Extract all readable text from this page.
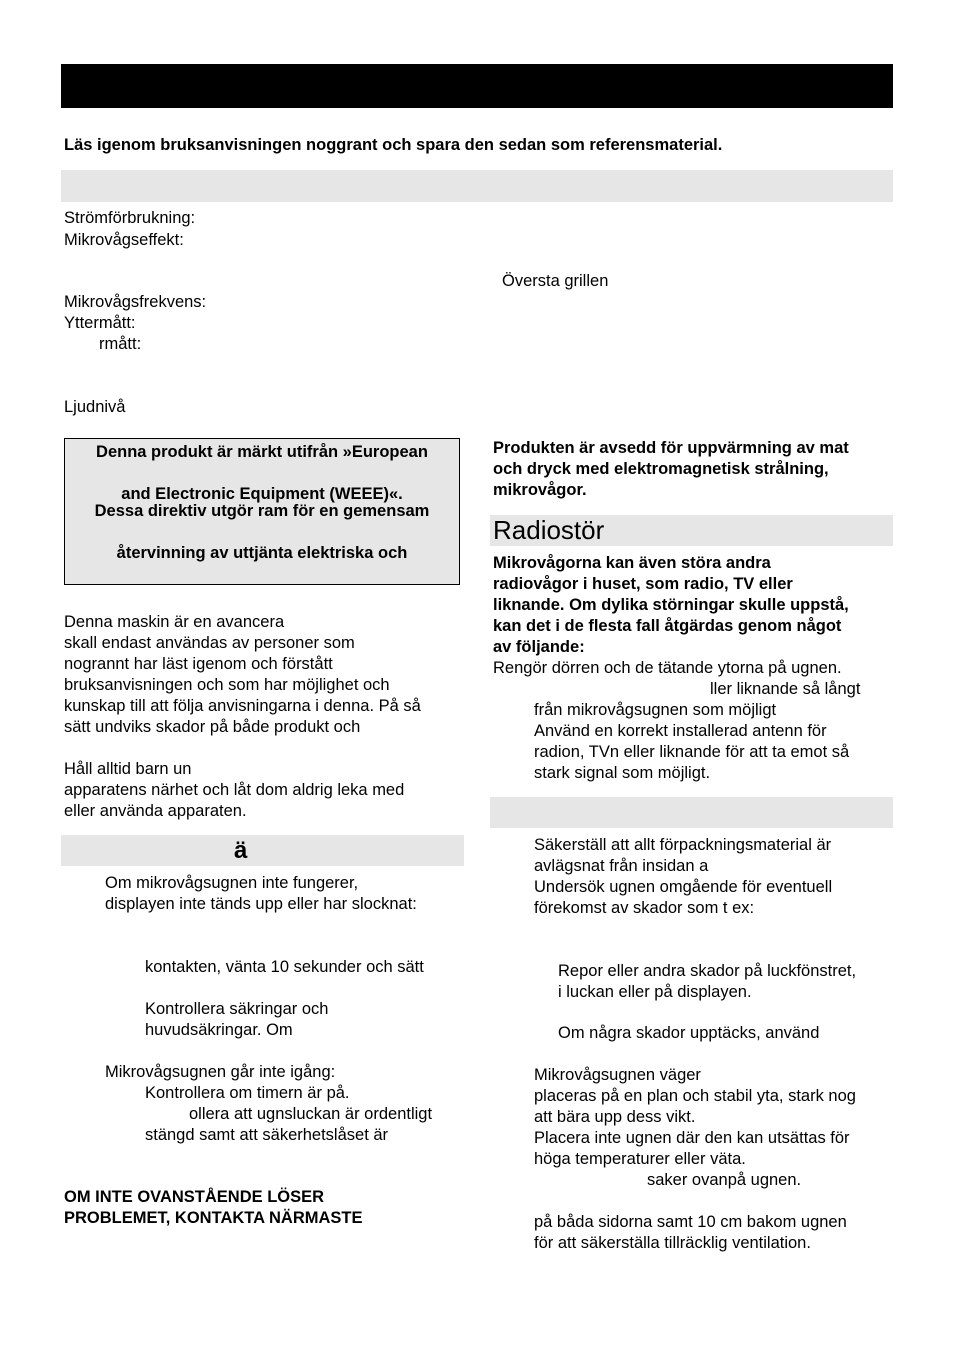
Läs igenom bruksanvisningen noggrant och spara den sedan som referensmaterial.
Strömförbrukning:
Mikrovågseffekt:
Översta grillen
Mikrovågsfrekvens:
Yttermått:
rmått:
Ljudnivå
Denna produkt är märkt utifrån »European
and Electronic Equipment (WEEE)«.
Dessa direktiv utgör ram för en gemensam
återvinning av uttjänta elektriska och
Denna maskin är en avancera
skall endast användas av personer som
nogrannt har läst igenom och förstått
bruksanvisningen och som har möjlighet och
kunskap till att följa anvisningarna i denna. På så
sätt undviks skador på både produkt och
Håll alltid barn un
apparatens närhet och låt dom aldrig leka med
eller använda apparaten.
ä
Om mikrovågsugnen inte fungerer,
displayen inte tänds upp eller har slocknat:
kontakten, vänta 10 sekunder och sätt
Kontrollera säkringar och
huvudsäkringar. Om
Mikrovågsugnen går inte igång:
Kontrollera om timern är på.
ollera att ugnsluckan är ordentligt
stängd samt att säkerhetslåset är
OM INTE OVANSTÅENDE LÖSER
PROBLEMET, KONTAKTA NÄRMASTE
Produkten är avsedd för uppvärmning av mat
och dryck med elektromagnetisk strålning,
mikrovågor.
Radiostör
Mikrovågorna kan även störa andra
radiovågor i huset, som radio, TV eller
liknande. Om dylika störningar skulle uppstå,
kan det i de flesta fall åtgärdas genom något
av följande:
Rengör dörren och de tätande ytorna på ugnen.
ller liknande så långt
från mikrovågsugnen som möjligt
Använd en korrekt installerad antenn för
radion, TVn eller liknande för att ta emot så
stark signal som möjligt.
Säkerställ att allt förpackningsmaterial är
avlägsnat från insidan a
Undersök ugnen omgående för eventuell
förekomst av skador som t ex:
Repor eller andra skador på luckfönstret,
i luckan eller på displayen.
Om några skador upptäcks, använd
Mikrovågsugnen väger
placeras på en plan och stabil yta, stark nog
att bära upp dess vikt.
Placera inte ugnen där den kan utsättas för
höga temperaturer eller väta.
saker ovanpå ugnen.
på båda sidorna samt 10 cm bakom ugnen
för att säkerställa tillräcklig ventilation.
